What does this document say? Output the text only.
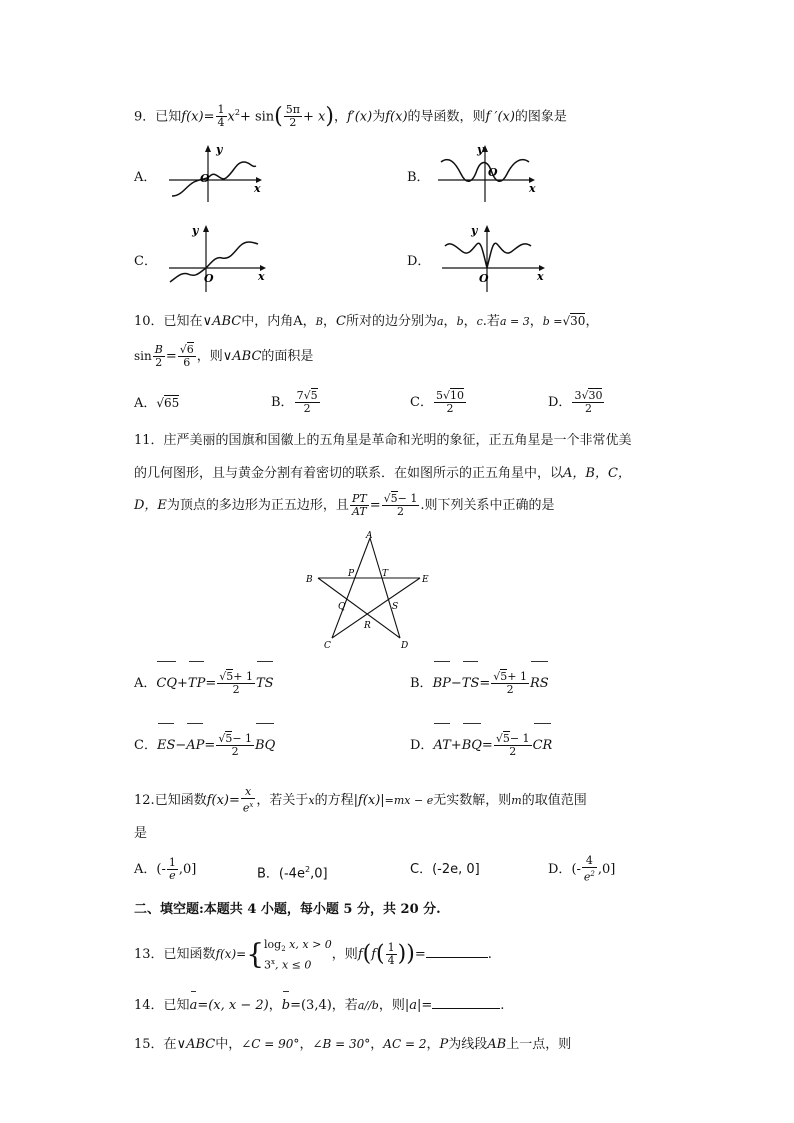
9．已知$f(x)= \frac{1}{4} x^2+ \sin( \frac{5\pi}{2} + x)$，f′(x)为f(x)的导函数，则f ′(x)的图象是
A．
y
x
O	B．
y
x
O
C．
y
x
O
D．
y
x
O
10．已知在∨ABC中，内角A，B，C所对的边分别为a，b，c.若a = 3，b =√30，
$\sin \frac{B}{2} = \frac{√6}{6}$ ，则∨ABC的面积是
A．√65	B． $\frac{7√5}{2}$	C． $\frac{5√10}{2}$	D． $\frac{3√30}{2}$
11．庄严美丽的国旗和国徽上的五角星是革命和光明的象征，正五角星是一个非常优美
的几何图形，且与黄金分割有着密切的联系．在如图所示的正五角星中，以A，B，C，
D，E为顶点的多边形为正五边形，且 $\frac{PT}{AT} = \frac{√5- 1}{2}$ .则下列关系中正确的是
A
B
C	D
E
P	T
Q	S
R
A．$CQ+TP= \frac{√5+ 1}{2}$ TS	B．$BP-TS= \frac{√5+ 1}{2}$ RS
C．$ES-AP= \frac{√5- 1}{2}$ BQ	D．$AT+BQ= \frac{√5- 1}{2}$ CR
12.已知函数$f(x)= \frac{x}{e^x}$ ，若关于x的方程|f(x)|=mx − e无实数解，则m的取值范围
是
A．(- $\frac{1}{e} ,0$]	B．$(-4e^2,0]$	C．(-2e, 0]	D．(- $\frac{4}{e^2} ,0$]
二、填空题:本题共 4 小题，每小题 5 分，共 20 分.
13．已知函数f(x)={ $\log_2 x$, x > 0
3$^x$, x ≤ 0
，则$f(f( \frac{1}{4}$ ))=	.
14．已知a=(x, x − 2)，b=(3,4)，若a//b，则|a|=	.
15．在∨ABC中，∠C = 90°，∠B = 30°，AC = 2，P为线段AB上一点，则
